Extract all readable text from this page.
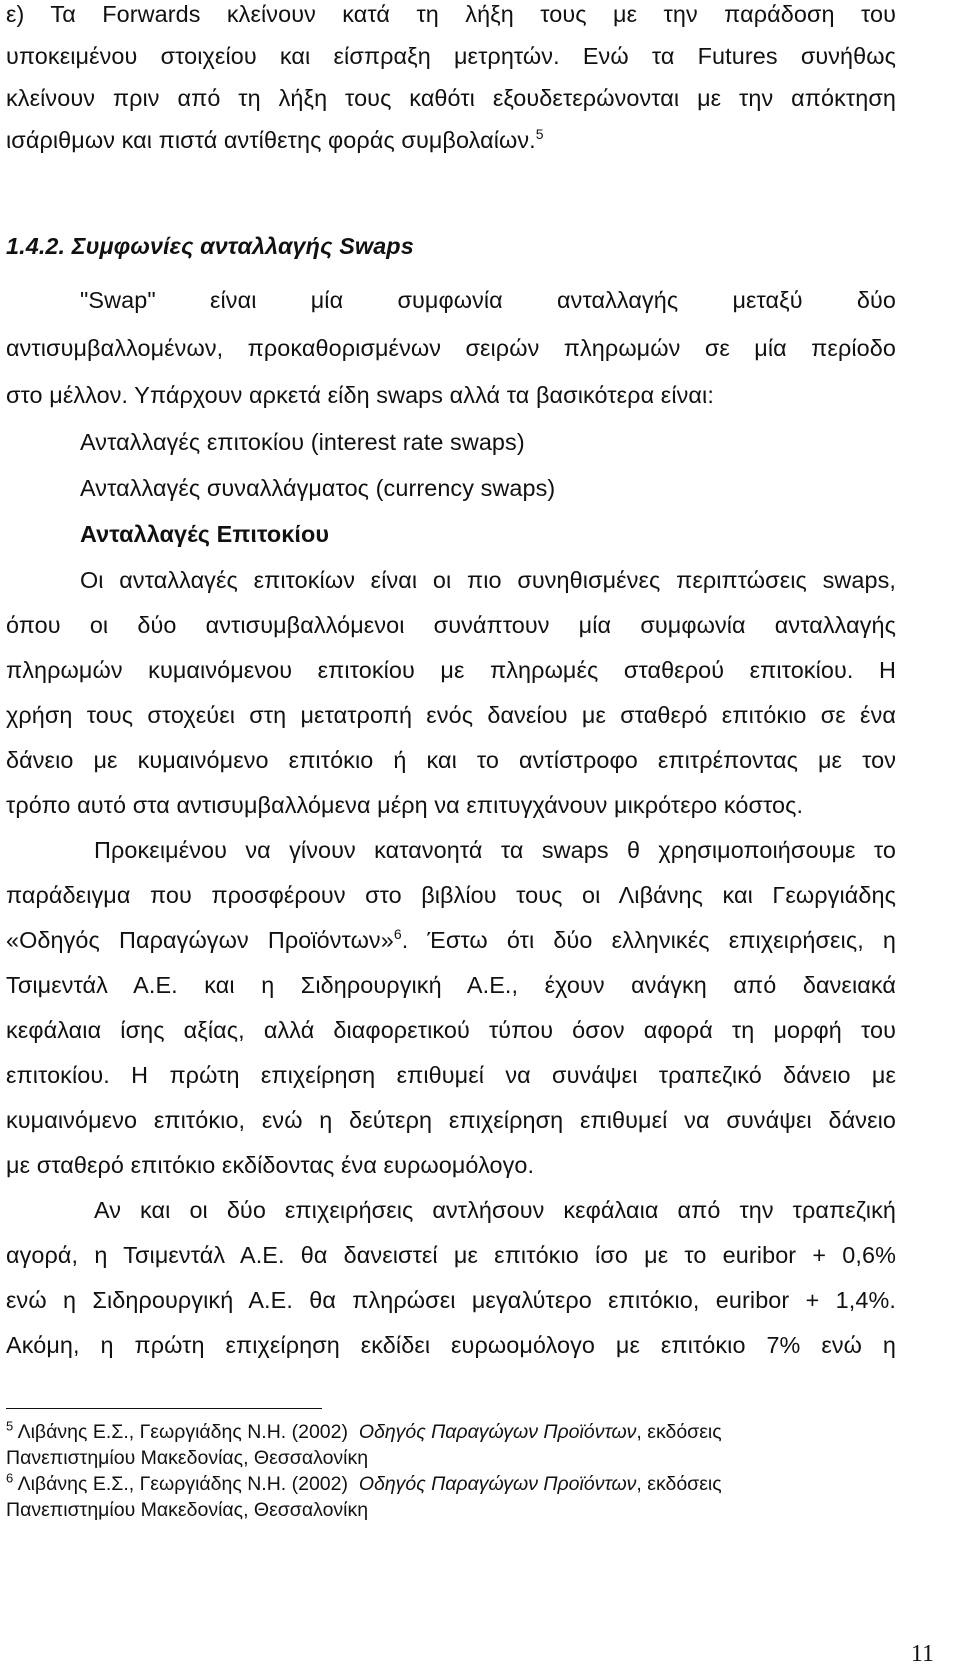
ε) Τα Forwards κλείνουν κατά τη λήξη τους με την παράδοση του
υποκειμένου στοιχείου και είσπραξη μετρητών. Ενώ τα Futures συνήθως
κλείνουν πριν από τη λήξη τους καθότι εξουδετερώνονται με την απόκτηση
ισάριθμων και πιστά αντίθετης φοράς συμβολαίων.$^5$
1.4.2. Συμφωνίες ανταλλαγής Swaps
"Swap" είναι μία συμφωνία ανταλλαγής μεταξύ δύο
αντισυμβαλλομένων, προκαθορισμένων σειρών πληρωμών σε μία περίοδο
στο μέλλον. Υπάρχουν αρκετά είδη swaps αλλά τα βασικότερα είναι:
Ανταλλαγές επιτοκίου (interest rate swaps)
Ανταλλαγές συναλλάγματος (currency swaps)
Ανταλλαγές Επιτοκίου
Οι ανταλλαγές επιτοκίων είναι οι πιο συνηθισμένες περιπτώσεις swaps,
όπου οι δύο αντισυμβαλλόμενοι συνάπτουν μία συμφωνία ανταλλαγής
πληρωμών κυμαινόμενου επιτοκίου με πληρωμές σταθερού επιτοκίου. Η
χρήση τους στοχεύει στη μετατροπή ενός δανείου με σταθερό επιτόκιο σε ένα
δάνειο με κυμαινόμενο επιτόκιο ή και το αντίστροφο επιτρέποντας με τον
τρόπο αυτό στα αντισυμβαλλόμενα μέρη να επιτυγχάνουν μικρότερο κόστος.
Προκειμένου να γίνουν κατανοητά τα swaps θ χρησιμοποιήσουμε το
παράδειγμα που προσφέρουν στο βιβλίου τους οι Λιβάνης και Γεωργιάδης
«Οδηγός Παραγώγων Προϊόντων»$^6$. Έστω ότι δύο ελληνικές επιχειρήσεις, η
Τσιμεντάλ Α.Ε. και η Σιδηρουργική Α.Ε., έχουν ανάγκη από δανειακά
κεφάλαια ίσης αξίας, αλλά διαφορετικού τύπου όσον αφορά τη μορφή του
επιτοκίου. Η πρώτη επιχείρηση επιθυμεί να συνάψει τραπεζικό δάνειο με
κυμαινόμενο επιτόκιο, ενώ η δεύτερη επιχείρηση επιθυμεί να συνάψει δάνειο
με σταθερό επιτόκιο εκδίδοντας ένα ευρωομόλογο.
Αν και οι δύο επιχειρήσεις αντλήσουν κεφάλαια από την τραπεζική
αγορά, η Τσιμεντάλ Α.Ε. θα δανειστεί με επιτόκιο ίσο με το euribor + 0,6%
ενώ η Σιδηρουργική Α.Ε. θα πληρώσει μεγαλύτερο επιτόκιο, euribor + 1,4%.
Ακόμη, η πρώτη επιχείρηση εκδίδει ευρωομόλογο με επιτόκιο 7% ενώ η
$^5$ Λιβάνης Ε.Σ., Γεωργιάδης Ν.Η. (2002) Οδηγός Παραγώγων Προϊόντων, εκδόσεις
Πανεπιστημίου Μακεδονίας, Θεσσαλονίκη
$^6$ Λιβάνης Ε.Σ., Γεωργιάδης Ν.Η. (2002) Οδηγός Παραγώγων Προϊόντων, εκδόσεις
Πανεπιστημίου Μακεδονίας, Θεσσαλονίκη
11
